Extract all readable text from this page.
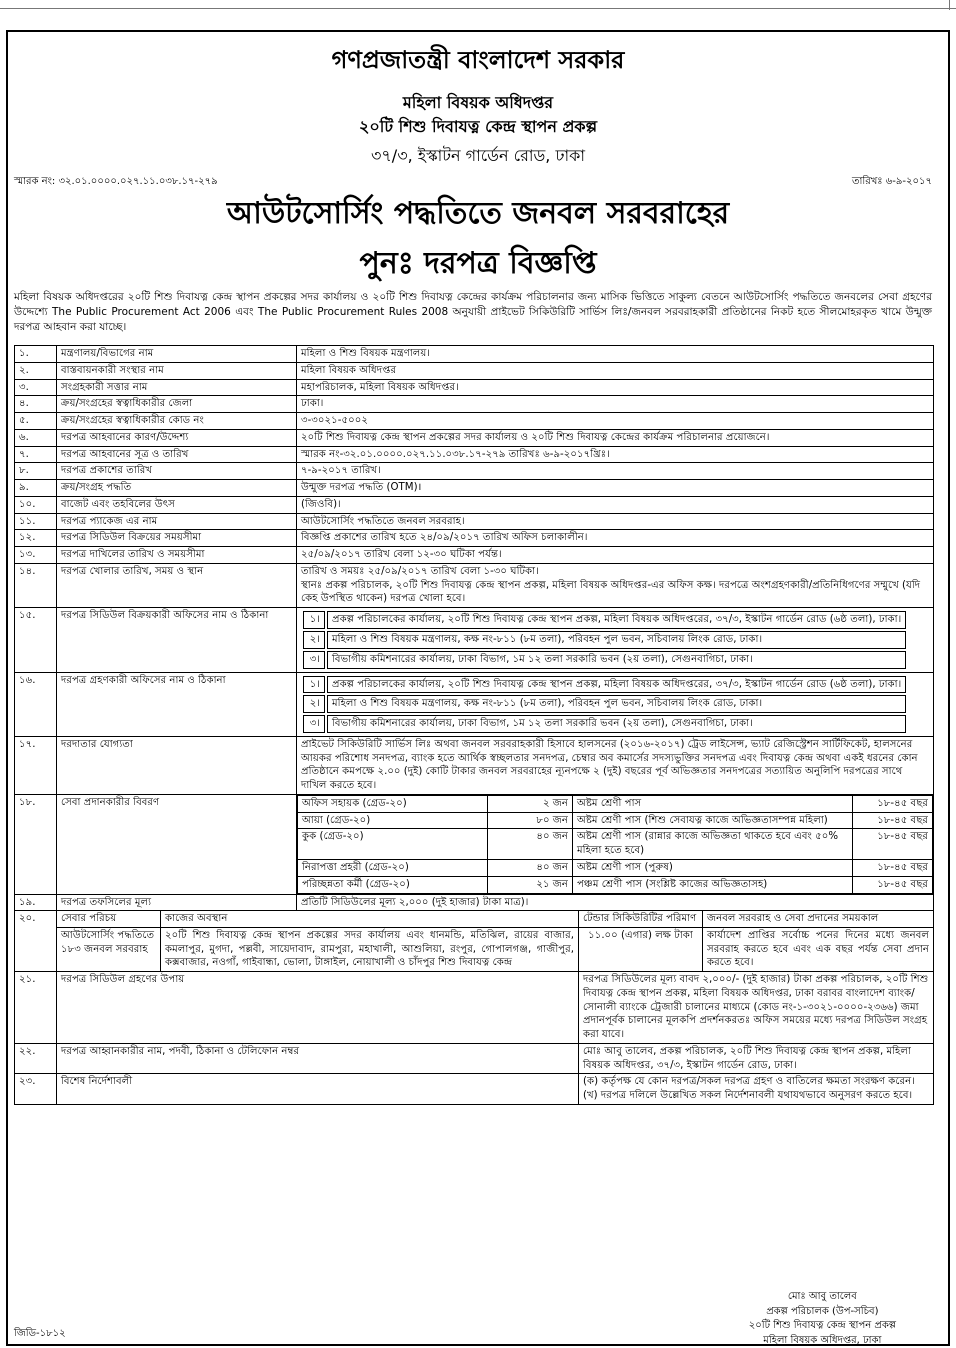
গণপ্রজাতন্ত্রী বাংলাদেশ সরকার
মহিলা বিষয়ক অধিদপ্তর
২০টি শিশু দিবাযত্ন কেন্দ্র স্থাপন প্রকল্প
৩৭/৩, ইস্কাটন গার্ডেন রোড, ঢাকা
স্মারক নং: ৩২.০১.০০০০.০২৭.১১.০৩৮.১৭-২৭৯	তারিখঃ ৬-৯-২০১৭
আউটসোর্সিং পদ্ধতিতে জনবল সরবরাহের
পুনঃ দরপত্র বিজ্ঞপ্তি
মহিলা বিষয়ক অধিদপ্তরের ২০টি শিশু দিবাযত্ন কেন্দ্র স্থাপন প্রকল্পের সদর কার্যালয় ও ২০টি শিশু দিবাযত্ন কেন্দ্রের কার্যক্রম পরিচালনার জন্য মাসিক ভিত্তিতে সাকুল্য বেতনে আউটসোর্সিং পদ্ধতিতে জনবলের সেবা গ্রহণের উদ্দেশ্যে The Public Procurement Act 2006 এবং The Public Procurement Rules 2008 অনুযায়ী প্রাইভেট সিকিউরিটি সার্ভিস লিঃ/জনবল সরবরাহকারী প্রতিষ্ঠানের নিকট হতে সীলমোহরকৃত খামে উন্মুক্ত দরপত্র আহবান করা যাচ্ছে।
১.	মন্ত্রণালয়/বিভাগের নাম	মহিলা ও শিশু বিষয়ক মন্ত্রণালয়।
২.	বাস্তবায়নকারী সংস্থার নাম	মহিলা বিষয়ক অধিদপ্তর
৩.	সংগ্রহকারী সত্তার নাম	মহাপরিচালক, মহিলা বিষয়ক অধিদপ্তর।
৪.	ক্রয়/সংগ্রহের স্বত্বাধিকারীর জেলা	ঢাকা।
৫.	ক্রয়/সংগ্রহের স্বত্বাধিকারীর কোড নং	৩-৩০২১-৫০০২
৬.	দরপত্র আহবানের কারণ/উদ্দেশ্য	২০টি শিশু দিবাযত্ন কেন্দ্র স্থাপন প্রকল্পের সদর কার্যালয় ও ২০টি শিশু দিবাযত্ন কেন্দ্রের কার্যক্রম পরিচালনার প্রয়োজনে।
৭.	দরপত্র আহবানের সূত্র ও তারিখ	স্মারক নং-৩২.০১.০০০০.০২৭.১১.০৩৮.১৭-২৭৯ তারিখঃ ৬-৯-২০১৭খ্রিঃ।
৮.	দরপত্র প্রকাশের তারিখ	৭-৯-২০১৭ তারিখ।
৯.	ক্রয়/সংগ্রহ পদ্ধতি	উন্মুক্ত দরপত্র পদ্ধতি (OTM)।
১০.	বাজেট এবং তহবিলের উৎস	(জিওবি)।
১১.	দরপত্র প্যাকেজ এর নাম	আউটসোর্সিং পদ্ধতিতে জনবল সরবরাহ।
১২.	দরপত্র সিডিউল বিক্রয়ের সময়সীমা	বিজ্ঞপ্তি প্রকাশের তারিখ হতে ২৪/০৯/২০১৭ তারিখ অফিস চলাকালীন।
১৩.	দরপত্র দাখিলের তারিখ ও সময়সীমা	২৫/০৯/২০১৭ তারিখ বেলা ১২-৩০ ঘটিকা পর্যন্ত।
১৪.	দরপত্র খোলার তারিখ, সময় ও স্থান	তারিখ ও সময়ঃ ২৫/০৯/২০১৭ তারিখ বেলা ১-৩০ ঘটিকা।
স্থানঃ প্রকল্প পরিচালক, ২০টি শিশু দিবাযত্ন কেন্দ্র স্থাপন প্রকল্প, মহিলা বিষয়ক অধিদপ্তর-এর অফিস কক্ষ। দরপত্রে অংশগ্রহণকারী/প্রতিনিধিগণের সম্মুখে (যদি কেহ উপস্থিত থাকেন) দরপত্র খোলা হবে।

১৫.	দরপত্র সিডিউল বিক্রয়কারী অফিসের নাম ও ঠিকানা		১।	প্রকল্প পরিচালকের কার্যালয়, ২০টি শিশু দিবাযত্ন কেন্দ্র স্থাপন প্রকল্প, মহিলা বিষয়ক অধিদপ্তরের, ৩৭/৩, ইস্কাটন গার্ডেন রোড (৬ষ্ঠ তলা), ঢাকা।
২।	মহিলা ও শিশু বিষয়ক মন্ত্রণালয়, কক্ষ নং-৮১১ (৮ম তলা), পরিবহন পুল ভবন, সচিবালয় লিংক রোড, ঢাকা।
৩।	বিভাগীয় কমিশনারের কার্যালয়, ঢাকা বিভাগ, ১ম ১২ তলা সরকারি ভবন (২য় তলা), সেগুনবাগিচা, ঢাকা।

১৬.	দরপত্র গ্রহণকারী অফিসের নাম ও ঠিকানা		১।	প্রকল্প পরিচালকের কার্যালয়, ২০টি শিশু দিবাযত্ন কেন্দ্র স্থাপন প্রকল্প, মহিলা বিষয়ক অধিদপ্তরের, ৩৭/৩, ইস্কাটন গার্ডেন রোড (৬ষ্ঠ তলা), ঢাকা।
২।	মহিলা ও শিশু বিষয়ক মন্ত্রণালয়, কক্ষ নং-৮১১ (৮ম তলা), পরিবহন পুল ভবন, সচিবালয় লিংক রোড, ঢাকা।
৩।	বিভাগীয় কমিশনারের কার্যালয়, ঢাকা বিভাগ, ১ম ১২ তলা সরকারি ভবন (২য় তলা), সেগুনবাগিচা, ঢাকা।

১৭.	দরদাতার যোগ্যতা	প্রাইভেট সিকিউরিটি সার্ভিস লিঃ অথবা জনবল সরবরাহকারী হিসাবে হালসনের (২০১৬-২০১৭) ট্রেড লাইসেন্স, ভ্যাট রেজিস্ট্রেশন সার্টিফিকেট, হালসনের আয়কর পরিশোধ সনদপত্র, ব্যাংক হতে আর্থিক স্বচ্ছলতার সনদপত্র, চেম্বার অব কমার্সের সদস্যভুক্তির সনদপত্র এবং দিবাযত্ন কেন্দ্র অথবা একই ধরনের কোন প্রতিষ্ঠানে কমপক্ষে ২.০০ (দুই) কোটি টাকার জনবল সরবরাহের ন্যূনপক্ষে ২ (দুই) বছরের পূর্ব অভিজ্ঞতার সনদপত্রের সত্যায়িত অনুলিপি দরপত্রের সাথে দাখিল করতে হবে।
১৮.	সেবা প্রদানকারীর বিবরণ		অফিস সহায়ক (গ্রেড-২০)	২ জন	অষ্টম শ্রেণী পাস	১৮-৪৫ বছর
আয়া (গ্রেড-২০)	৮০ জন	অষ্টম শ্রেণী পাস (শিশু সেবাযত্ন কাজে অভিজ্ঞতাসম্পন্ন মহিলা)	১৮-৪৫ বছর
কুক (গ্রেড-২০)	৪০ জন	অষ্টম শ্রেণী পাস (রান্নার কাজে অভিজ্ঞতা থাকতে হবে এবং ৫০% মহিলা হতে হবে)	১৮-৪৫ বছর
নিরাপত্তা প্রহরী (গ্রেড-২০)	৪০ জন	অষ্টম শ্রেণী পাস (পুরুষ)	১৮-৪৫ বছর
পরিচ্ছন্নতা কর্মী (গ্রেড-২০)	২১ জন	পঞ্চম শ্রেণী পাস (সংশ্লিষ্ট কাজের অভিজ্ঞতাসহ)	১৮-৪৫ বছর

১৯.	দরপত্র তফসিলের মূল্য	প্রতিটি সিডিউলের মূল্য ২,০০০ (দুই হাজার) টাকা মাত্র)।
২০.	সেবার পরিচয়	কাজের অবস্থান	টেন্ডার সিকিউরিটির পরিমাণ	জনবল সরবরাহ ও সেবা প্রদানের সময়কাল
	আউটসোর্সিং পদ্ধতিতে ১৮৩ জনবল সরবরাহ	২০টি শিশু দিবাযত্ন কেন্দ্র স্থাপন প্রকল্পের সদর কার্যালয় এবং ধানমন্ডি, মতিঝিল, রায়ের বাজার, কমলাপুর, মুগদা, পল্লবী, সায়েদাবাদ, রামপুরা, মহাখালী, আশুলিয়া, রংপুর, গোপালগঞ্জ, গাজীপুর, কক্সবাজার, নওগাঁ, গাইবান্ধা, ভোলা, টাঙ্গাইল, নোয়াখালী ও চাঁদপুর শিশু দিবাযত্ন কেন্দ্র	১১.০০ (এগার) লক্ষ টাকা	কার্যাদেশ প্রাপ্তির সর্বোচ্চ পনের দিনের মধ্যে জনবল সরবরাহ করতে হবে এবং এক বছর পর্যন্ত সেবা প্রদান করতে হবে।
২১.	দরপত্র সিডিউল গ্রহণের উপায়		দরপত্র সিডিউলের মূল্য বাবদ ২,০০০/- (দুই হাজার) টাকা প্রকল্প পরিচালক, ২০টি শিশু দিবাযত্ন কেন্দ্র স্থাপন প্রকল্প, মহিলা বিষয়ক অধিদপ্তর, ঢাকা বরাবর বাংলাদেশ ব্যাংক/সোনালী ব্যাংকে ট্রেজারী চালানের মাধ্যমে (কোড নং-১-৩০২১-০০০০-২৩৬৬) জমা প্রদানপূর্বক চালানের মূলকপি প্রদর্শনকরতঃ অফিস সময়ের মধ্যে দরপত্র সিডিউল সংগ্রহ করা যাবে।	
২২.	দরপত্র আহ্বানকারীর নাম, পদবী, ঠিকানা ও টেলিফোন নম্বর		মোঃ আবু তালেব, প্রকল্প পরিচালক, ২০টি শিশু দিবাযত্ন কেন্দ্র স্থাপন প্রকল্প, মহিলা বিষয়ক অধিদপ্তর, ৩৭/৩, ইস্কাটন গার্ডেন রোড, ঢাকা।	
২৩.	বিশেষ নির্দেশাবলী		(ক) কর্তৃপক্ষ যে কোন দরপত্র/সকল দরপত্র গ্রহণ ও বাতিলের ক্ষমতা সংরক্ষণ করেন।
(খ) দরপত্র দলিলে উল্লেখিত সকল নির্দেশনাবলী যথাযথভাবে অনুসরণ করতে হবে।	
মোঃ আবু তালেব
প্রকল্প পরিচালক (উপ-সচিব)
২০টি শিশু দিবাযত্ন কেন্দ্র স্থাপন প্রকল্প
মহিলা বিষয়ক অধিদপ্তর, ঢাকা
জিডি-১৮১২
